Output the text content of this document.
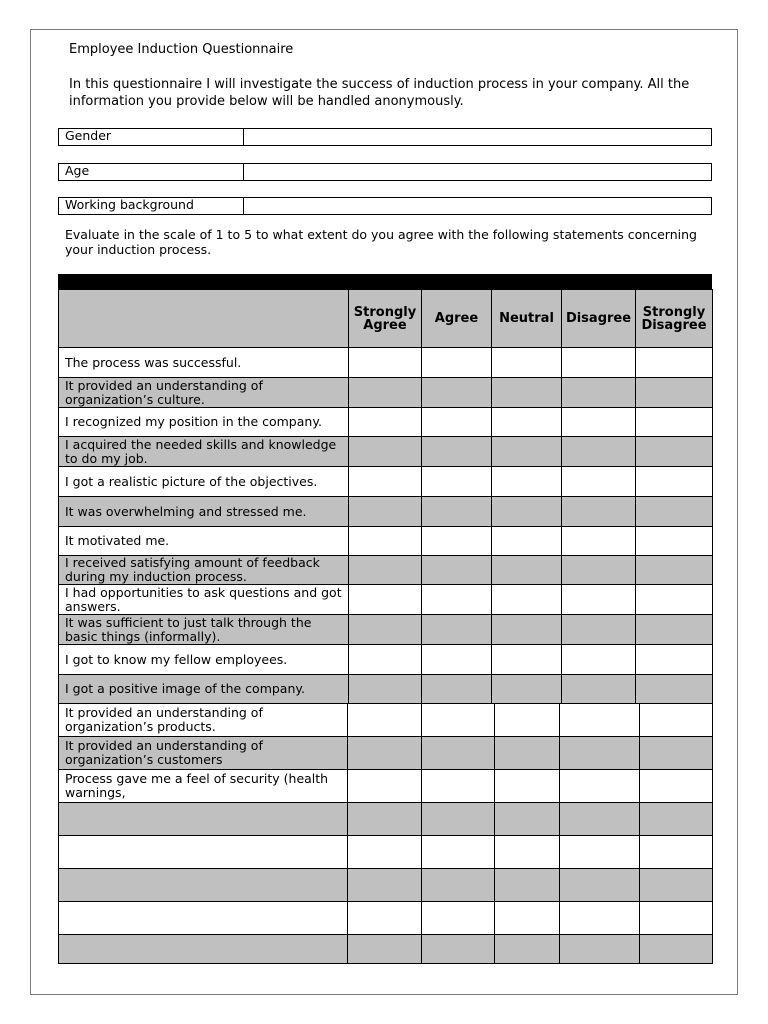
Employee Induction Questionnaire
In this questionnaire I will investigate the success of induction process in your company. All the information you provide below will be handled anonymously.
Gender
Age
Working background
Evaluate in the scale of 1 to 5 to what extent do you agree with the following statements concerning your induction process.
	Strongly Agree	Agree	Neutral	Disagree	Strongly Disagree
The process was successful.					
It provided an understanding of organization’s culture.					
I recognized my position in the company.					
I acquired the needed skills and knowledge to do my job.					
I got a realistic picture of the objectives.					
It was overwhelming and stressed me.					
It motivated me.					
I received satisfying amount of feedback during my induction process.					
I had opportunities to ask questions and got answers.					
It was sufficient to just talk through the basic things (informally).					
I got to know my fellow employees.					
I got a positive image of the company.					
It provided an understanding of organization’s products.					
It provided an understanding of organization’s customers					
Process gave me a feel of security (health warnings,					
